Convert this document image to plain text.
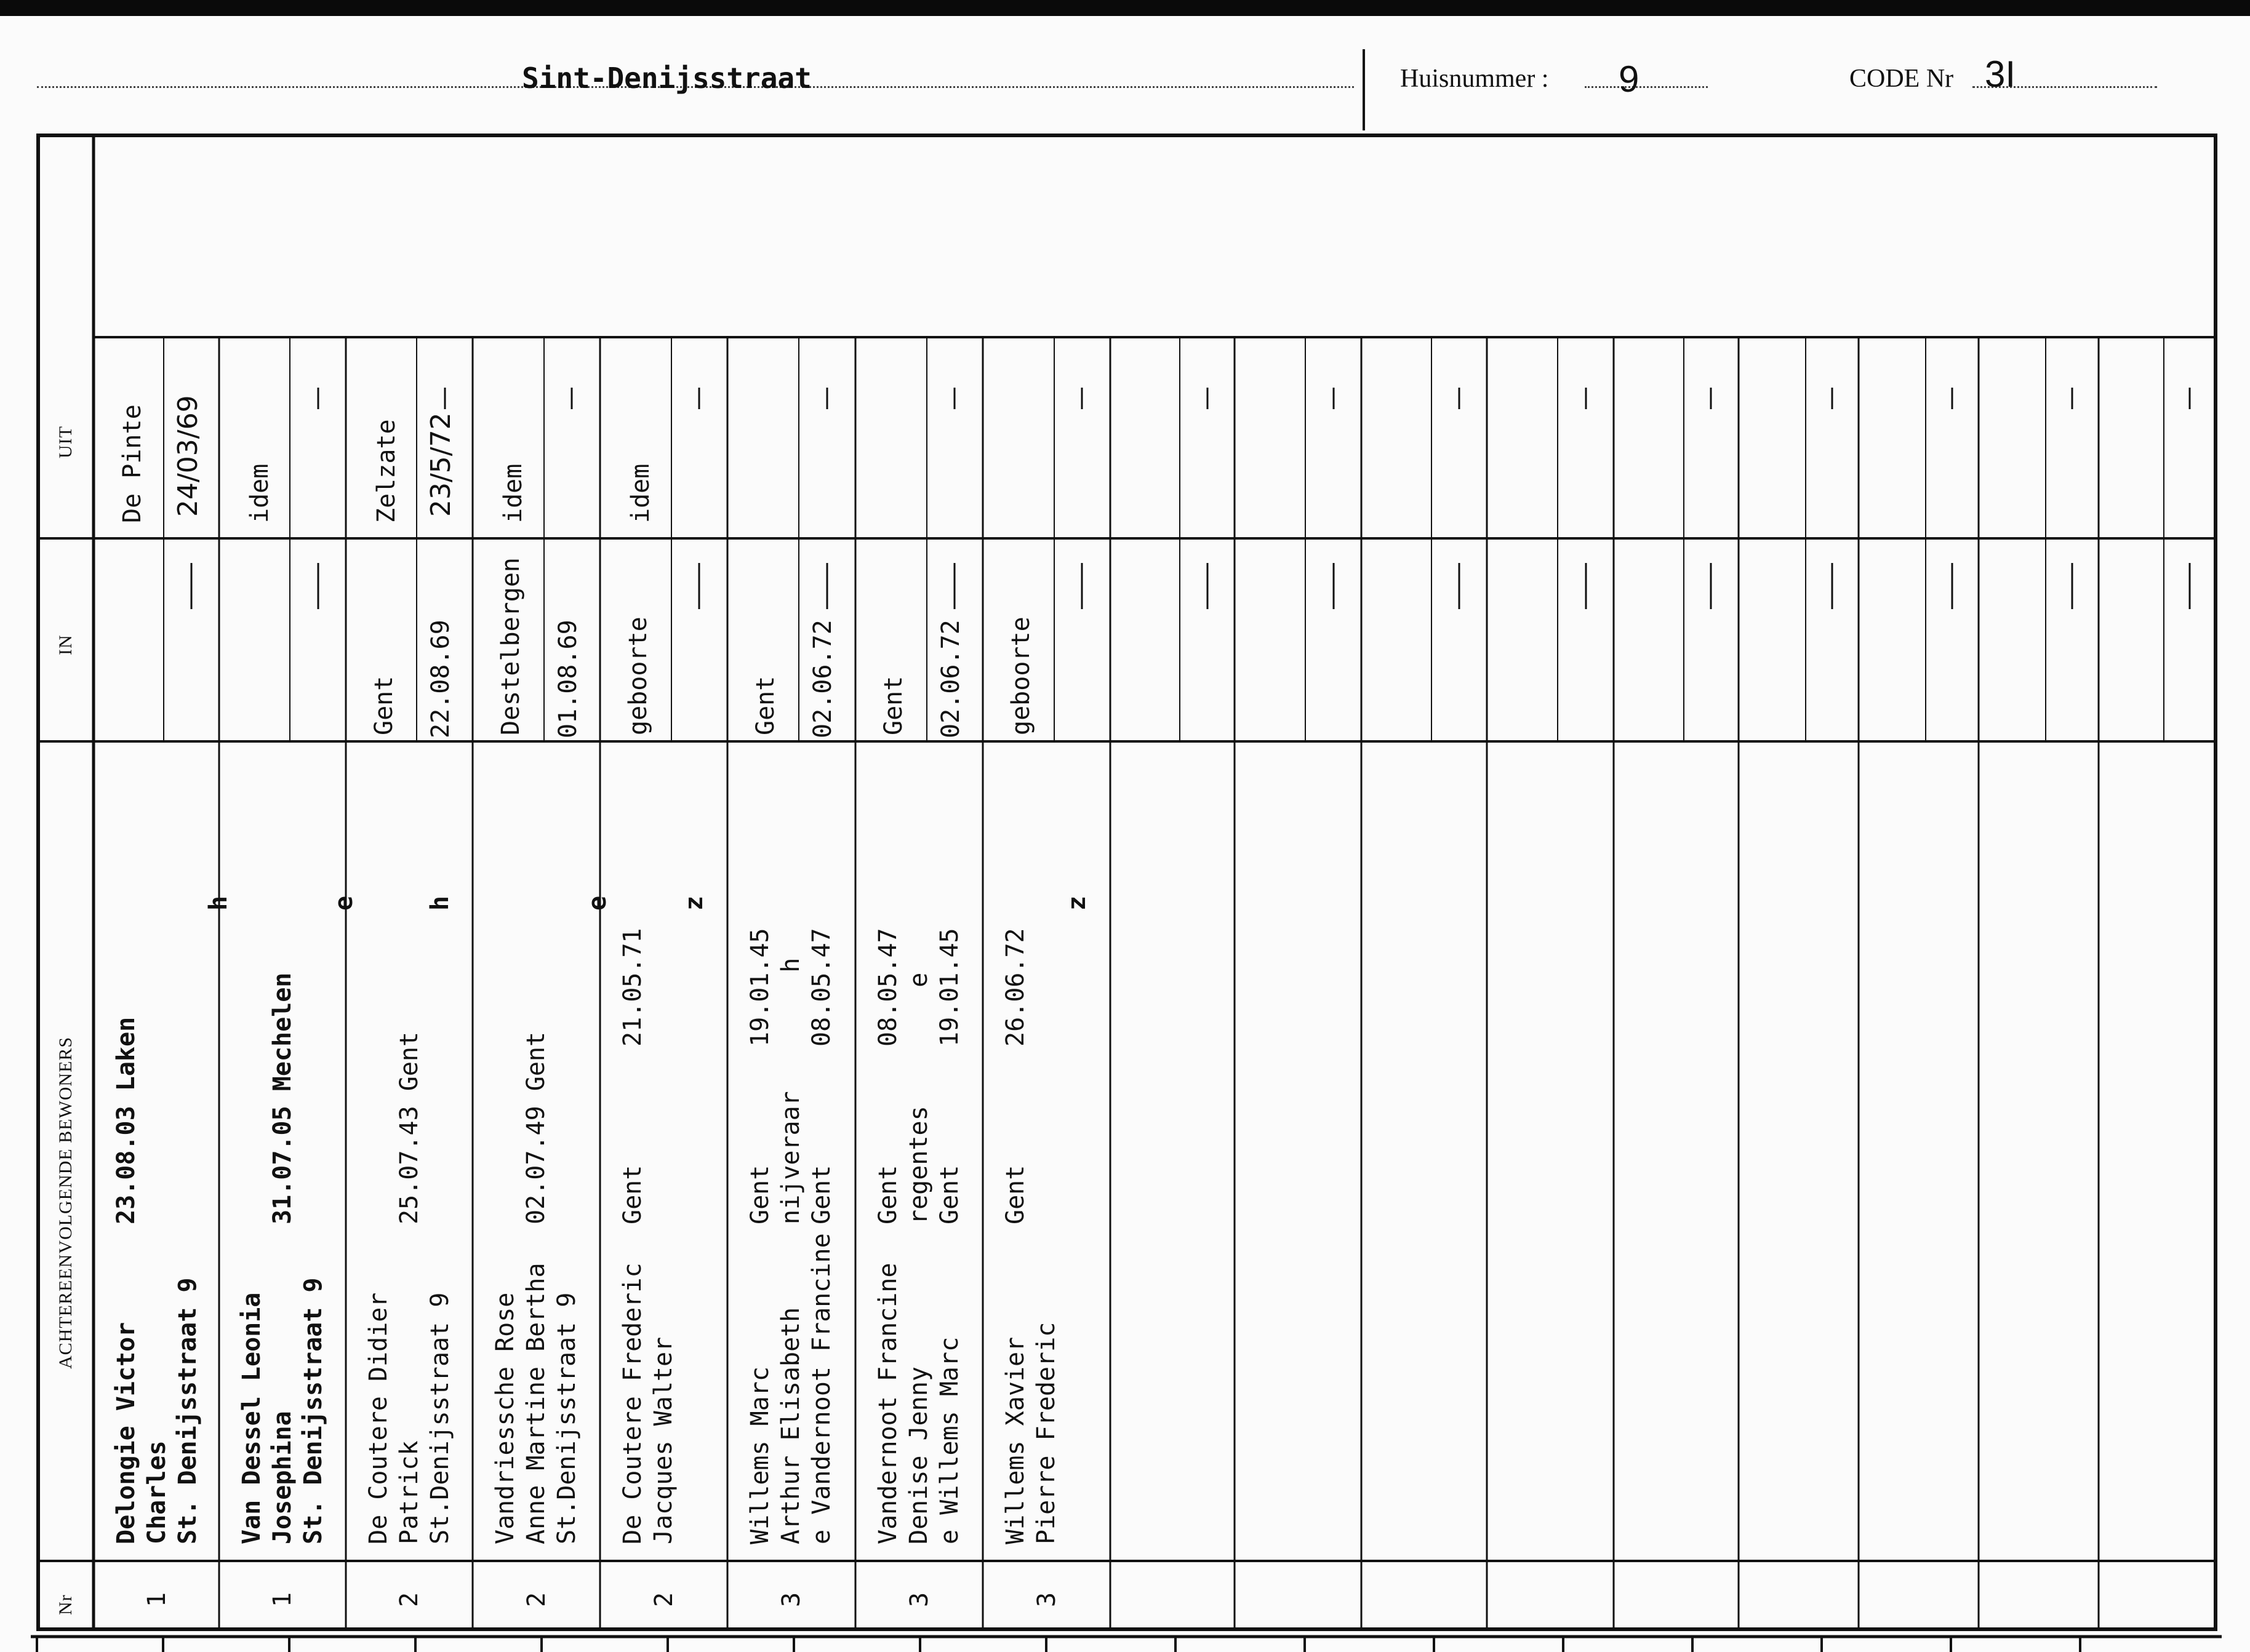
Sint-Denijsstraat	Huisnummer : 9	CODE Nr 3I
UIT
IN
ACHTEREENVOLGENDE BEWONERS
Nr
De Pinte 24/03/69
Delongie Victor Charles St. Denijsstraat 9
23.08.03 Laken
h
1
idem
Van Dessel Leonia Josephina St. Denijsstraat 9
31.07.05 Mechelen
e
1
Zelzate 23/5/72
Gent 22.08.69
De Coutere Didier Patrick St.Denijsstraat 9
25.07.43 Gent
h
2
idem
Destelbergen 01.08.69
Vandriessche Rose Anne Martine Bertha St.Denijsstraat 9
02.07.49 Gent
e
2
idem
geboorte
De Coutere Frederic Jacques Walter
Gent        21.05.71
z
2
Gent 02.06.72
Willems Marc Arthur Elisabeth e Vandernoot Francine
Gent        19.01.45 nijveraar        h Gent        08.05.47
3
Gent 02.06.72
Vandernoot Francine Denise Jenny e Willems Marc
Gent        08.05.47 regentes        e Gent        19.01.45
3
geboorte
Willems Xavier Pierre Frederic
Gent        26.06.72
z
3
